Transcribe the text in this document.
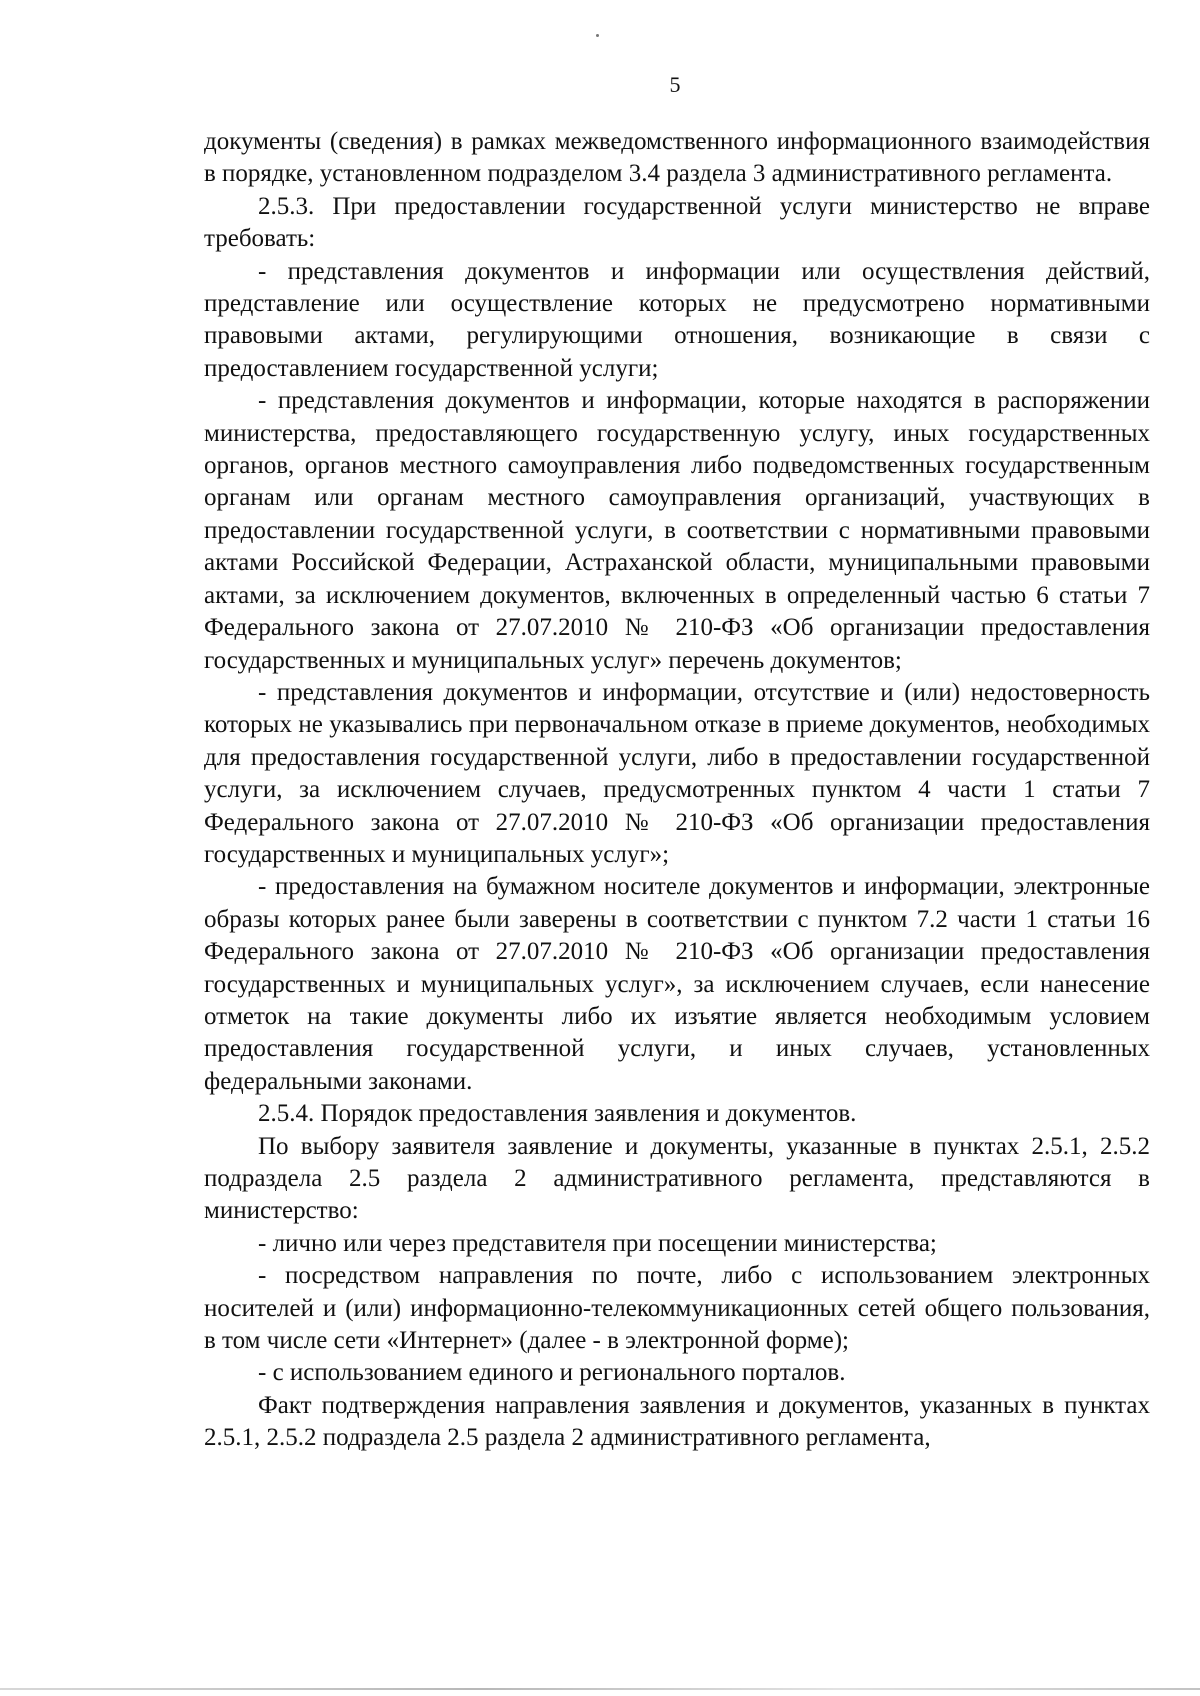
5

документы (сведения) в рамках межведомственного информационного взаимодействия в порядке, установленном подразделом 3.4 раздела 3 административного регламента.

2.5.3. При предоставлении государственной услуги министерство не вправе требовать:

- представления документов и информации или осуществления действий, представление или осуществление которых не предусмотрено нормативными правовыми актами, регулирующими отношения, возникающие в связи с предоставлением государственной услуги;

- представления документов и информации, которые находятся в распоряжении министерства, предоставляющего государственную услугу, иных государственных органов, органов местного самоуправления либо подведомственных государственным органам или органам местного самоуправления организаций, участвующих в предоставлении государственной услуги, в соответствии с нормативными правовыми актами Российской Федерации, Астраханской области, муниципальными правовыми актами, за исключением документов, включенных в определенный частью 6 статьи 7 Федерального закона от 27.07.2010 № 210-ФЗ «Об организации предоставления государственных и муниципальных услуг» перечень документов;

- представления документов и информации, отсутствие и (или) недостоверность которых не указывались при первоначальном отказе в приеме документов, необходимых для предоставления государственной услуги, либо в предоставлении государственной услуги, за исключением случаев, предусмотренных пунктом 4 части 1 статьи 7 Федерального закона от 27.07.2010 № 210-ФЗ «Об организации предоставления государственных и муниципальных услуг»;

- предоставления на бумажном носителе документов и информации, электронные образы которых ранее были заверены в соответствии с пунктом 7.2 части 1 статьи 16 Федерального закона от 27.07.2010 № 210-ФЗ «Об организации предоставления государственных и муниципальных услуг», за исключением случаев, если нанесение отметок на такие документы либо их изъятие является необходимым условием предоставления государственной услуги, и иных случаев, установленных федеральными законами.

2.5.4. Порядок предоставления заявления и документов.

По выбору заявителя заявление и документы, указанные в пунктах 2.5.1, 2.5.2 подраздела 2.5 раздела 2 административного регламента, представляются в министерство:

- лично или через представителя при посещении министерства;

- посредством направления по почте, либо с использованием электронных носителей и (или) информационно-телекоммуникационных сетей общего пользования, в том числе сети «Интернет» (далее - в электронной форме);

- с использованием единого и регионального порталов.

Факт подтверждения направления заявления и документов, указанных в пунктах 2.5.1, 2.5.2 подраздела 2.5 раздела 2 административного регламента,
